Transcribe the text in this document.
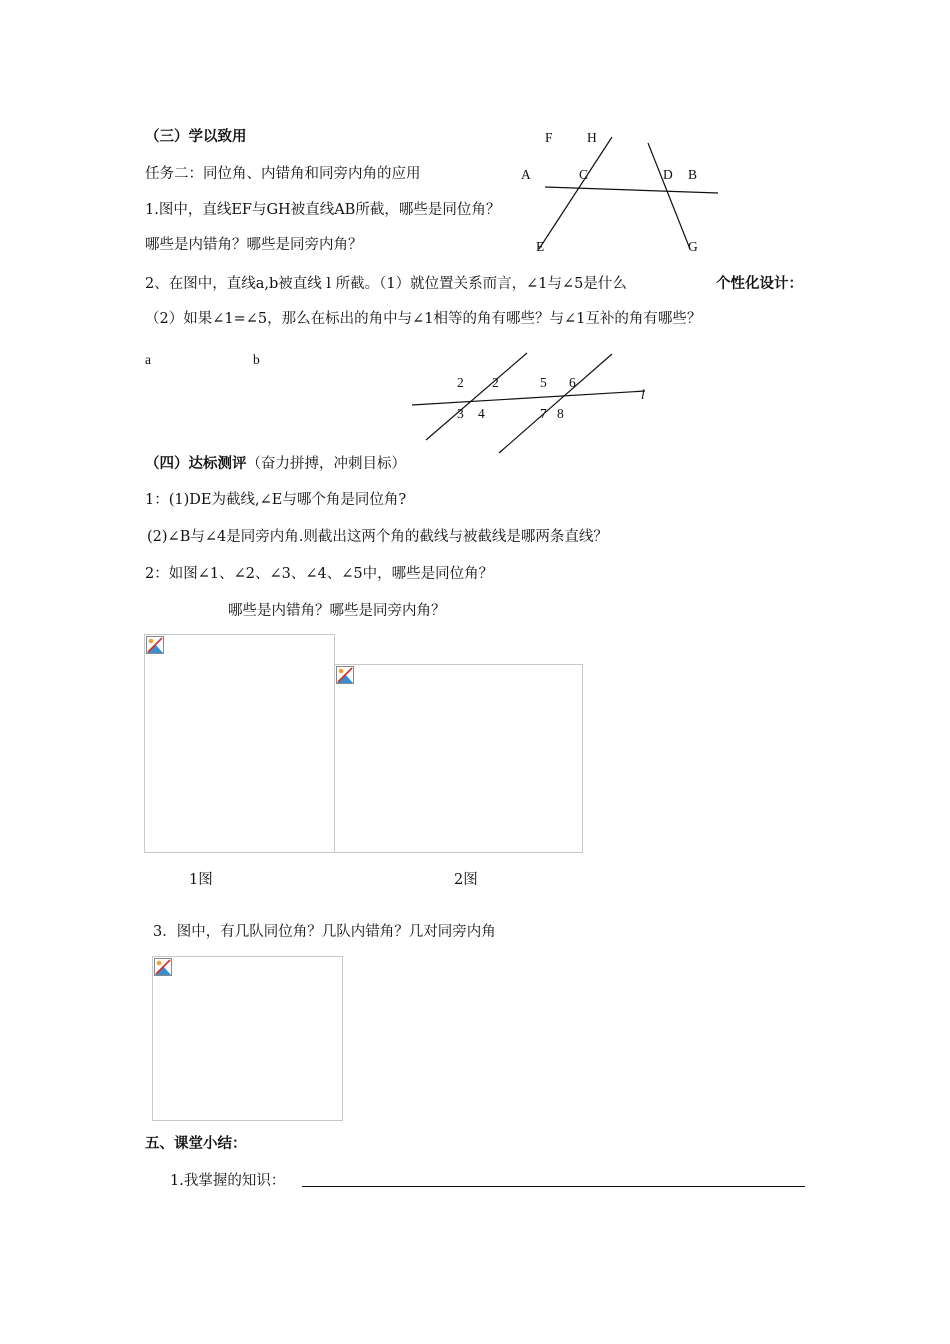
（三）学以致用
任务二：同位角、内错角和同旁内角的应用
1.图中，直线EF与GH被直线AB所截，哪些是同位角？
哪些是内错角？哪些是同旁内角？
F	H
A	C	D B
E	G
2、在图中，直线a,b被直线 l 所截。（1）就位置关系而言，∠1与∠5是什么	个性化设计：
（2）如果∠1=∠5，那么在标出的角中与∠1相等的角有哪些？与∠1互补的角有哪些？
a	b
2 2	5 6
3 4	7 8
l
（四）达标测评（奋力拼搏，冲刺目标）
1：(1)DE为截线,∠E与哪个角是同位角?
(2)∠B与∠4是同旁内角.则截出这两个角的截线与被截线是哪两条直线？
2：如图∠1、∠2、∠3、∠4、∠5中，哪些是同位角？
哪些是内错角？哪些是同旁内角？
1图	2图
3．图中，有几队同位角？几队内错角？几对同旁内角
五、课堂小结：
1.我掌握的知识：
